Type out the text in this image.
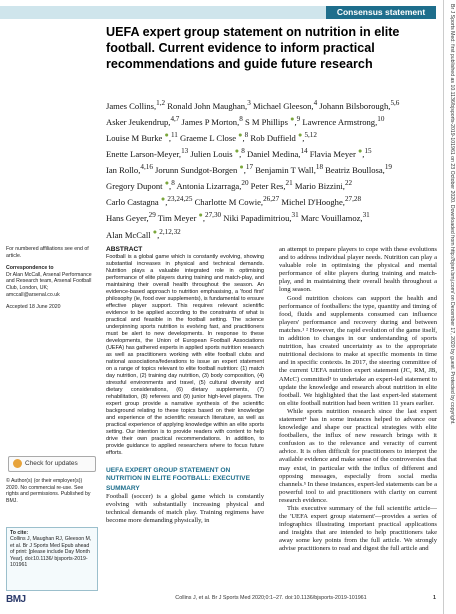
Consensus statement
UEFA expert group statement on nutrition in elite football. Current evidence to inform practical recommendations and guide future research
James Collins,$^{1,2}$ Ronald John Maughan,$^3$ Michael Gleeson,$^4$ Johann Bilsborough,$^{5,6}$
Asker Jeukendrup,$^{4,7}$ James P Morton,$^8$ S M Phillips ●,$^9$ Lawrence Armstrong,$^{10}$
Louise M Burke ●,$^{11}$ Graeme L Close ●,$^8$ Rob Duffield ●,$^{5,12}$
Enette Larson-Meyer,$^{13}$ Julien Louis ●,$^8$ Daniel Medina,$^{14}$ Flavia Meyer ●,$^{15}$
Ian Rollo,$^{4,16}$ Jorunn Sundgot-Borgen ●,$^{17}$ Benjamin T Wall,$^{18}$ Beatriz Boullosa,$^{19}$
Gregory Dupont ●,$^8$ Antonia Lizarraga,$^{20}$ Peter Res,$^{21}$ Mario Bizzini,$^{22}$
Carlo Castagna ●,$^{23,24,25}$ Charlotte M Cowie,$^{26,27}$ Michel D'Hooghe,$^{27,28}$
Hans Geyer,$^{29}$ Tim Meyer ●,$^{27,30}$ Niki Papadimitriou,$^{31}$ Marc Vouillamoz,$^{31}$
Alan McCall ●,$^{2,12,32}$

For numbered affiliations see end of article.

Correspondence to
Dr Alan McCall, Arsenal Performance and Research team, Arsenal Football Club, London, UK; amccall@arsenal.co.uk
Accepted 18 June 2020
Check for updates
© Author(s) (or their employer(s)) 2020. No commercial re-use. See rights and permissions. Published by BMJ.
To cite:
Collins J, Maughan RJ, Gleeson M, et al. Br J Sports Med Epub ahead of print: [please include Day Month Year]. doi:10.1136/ bjsports-2019-101961
BMJ
ABSTRACT

Football is a global game which is constantly evolving, showing substantial increases in physical and technical demands. Nutrition plays a valuable integrated role in optimising performance of elite players during training and match-play, and maintaining their overall health throughout the season. An evidence-based approach to nutrition emphasising, a 'food first' philosophy (ie, food over supplements), is fundamental to ensure effective player support. This requires relevant scientific evidence to be applied according to the constraints of what is practical and feasible in the football setting. The science underpinning sports nutrition is evolving fast, and practitioners must be alert to new developments. In response to these developments, the Union of European Football Associations (UEFA) has gathered experts in applied sports nutrition research as well as practitioners working with elite football clubs and national associations/federations to issue an expert statement on a range of topics relevant to elite football nutrition: (1) match day nutrition, (2) training day nutrition, (3) body composition, (4) stressful environments and travel, (5) cultural diversity and dietary considerations, (6) dietary supplements, (7) rehabilitation, (8) referees and (9) junior high-level players. The expert group provide a narrative synthesis of the scientific background relating to these topics based on their knowledge and experience of the scientific research literature, as well as practical experience of applying knowledge within an elite sports setting. Our intention is to provide readers with content to help drive their own practical recommendations. In addition, to provide guidance to applied researchers where to focus future efforts.

UEFA EXPERT GROUP STATEMENT ON NUTRITION IN ELITE FOOTBALL: EXECUTIVE
SUMMARY

Football (soccer) is a global game which is constantly evolving with substantially increasing physical and technical demands of match play. Training regimens have become more demanding physically, in

an attempt to prepare players to cope with these evolutions and to address individual player needs. Nutrition can play a valuable role in optimising the physical and mental performance of elite players during training and match-play, and in maintaining their overall health throughout a long season.

Good nutrition choices can support the health and performance of footballers: the type, quantity and timing of food, fluids and supplements consumed can influence players' performance and recovery during and between matches.¹ ² However, the rapid evolution of the game itself, in addition to changes in our understanding of sports nutrition, has created uncertainty as to the appropriate nutritional decisions to make at specific moments in time and in specific contexts. In 2017, the steering committee of the current UEFA nutrition expert statement (JC, RM, JB, AMcC) committed³ to undertake an expert-led statement to update the knowledge and research about nutrition in elite football. We highlighted that the last expert-led statement on elite football nutrition had been written 11 years earlier.

While sports nutrition research since the last expert statement⁴ has in some instances helped to advance our knowledge and shape our practical strategies with elite footballers, the influx of new research brings with it confusion as to the relevance and veracity of current advice. It is often difficult for practitioners to interpret the available evidence and make sense of the controversies that may exist, in particular with the influx of different and opposing messages, especially from social media channels.⁵ In these instances, expert-led statements can be a powerful tool to aid practitioners with clarity on current research evidence.

This executive summary of the full scientific article—the 'UEFA expert group statement'—provides a series of infographics illustrating important practical applications and insights that are intended to help practitioners take away some key points from the full article. We strongly advise practitioners to read and digest the full article and

Collins J, et al. Br J Sports Med 2020;0:1–27. doi:10.1136/bjsports-2019-101961	1
Br J Sports Med: first published as 10.1136/bjsports-2019-101961 on 23 October 2020. Downloaded from http://bjsm.bmj.com/ on December 17, 2020 by guest. Protected by copyright.
